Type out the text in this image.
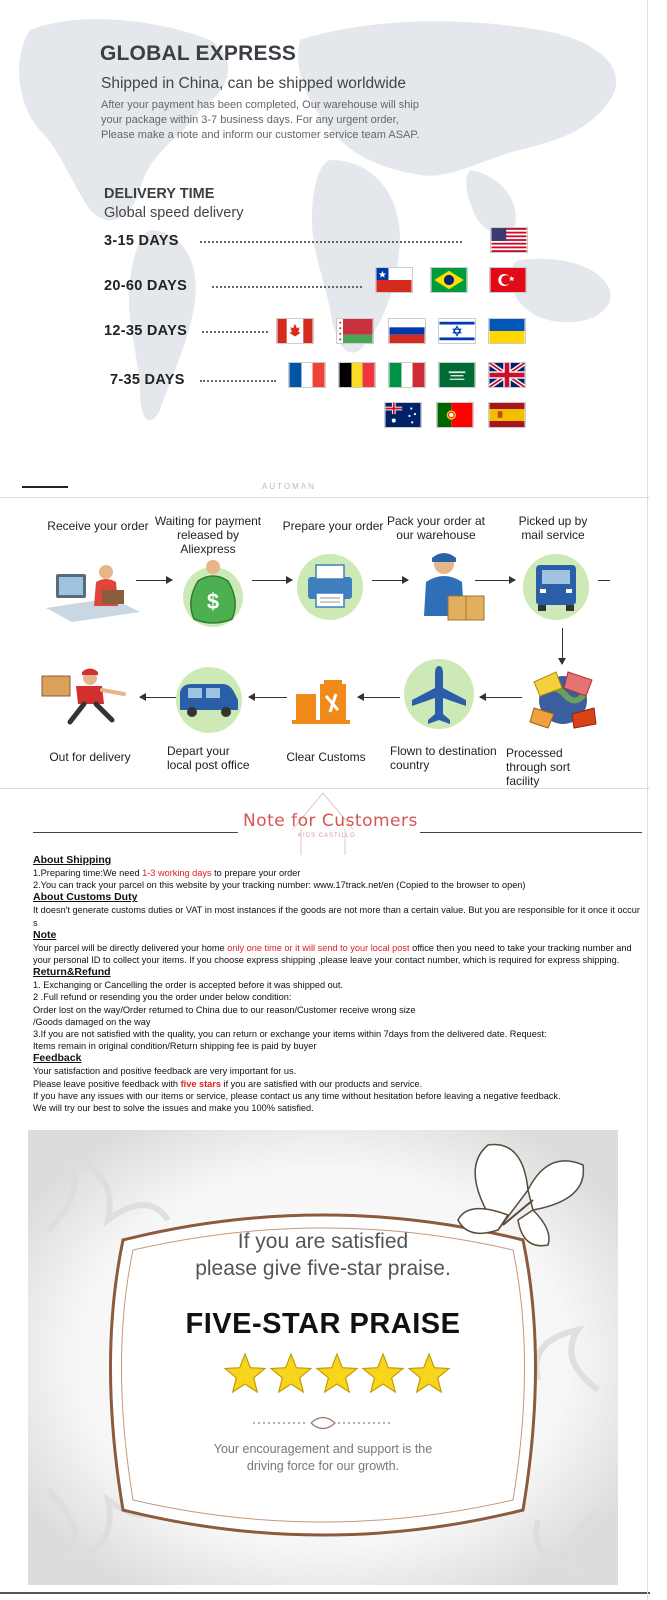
GLOBAL EXPRESS
Shipped in China, can be shipped worldwide
After your payment has been completed, Our warehouse will ship your package within 3-7 business days. For any urgent order, Please make a note and inform our customer service team ASAP.
DELIVERY TIME
Global speed delivery
3-15 DAYS
20-60 DAYS
12-35 DAYS
7-35 DAYS
AUTOMAN
Receive your order Waiting for payment released by Aliexpress
Prepare your order Pack your order at our warehouse
Picked up by mail service
$
Out for delivery	Depart your local post office
Clear Customs	Flown to destination country
Processed through sort facility
Note for Customers
KIDS CASTILLO
About Shipping
1.Preparing time:We need 1-3 working days to prepare your order
2.You can track your parcel on this website by your tracking number: www.17track.net/en (Copied to the browser to open)
About Customs Duty
It doesn't generate customs duties or VAT in most instances if the goods are not more than a certain value. But you are responsible for it once it occur s
Note
Your parcel will be directly delivered your home only one time or it will send to your local post office then you need to take your tracking number and your personal ID to collect your items. If you choose express shipping ,please leave your contact number, which is required for express shipping.
Return&Refund
1. Exchanging or Cancelling the order is accepted before it was shipped out.
2 .Full refund or resending you the order under below condition:
Order lost on the way/Order returned to China due to our reason/Customer receive wrong size
/Goods damaged on the way
3.If you are not satisfied with the quality, you can return or exchange your items within 7days from the delivered date. Request:
Items remain in original condition/Return shipping fee is paid by buyer
Feedback
Your satisfaction and positive feedback are very important for us.
Please leave positive feedback with five stars if you are satisfied with our products and service.
If you have any issues with our items or service, please contact us any time without hesitation before leaving a negative feedback.
We will try our best to solve the issues and make you 100% satisfied.
If you are satisfied
please give five-star praise.
FIVE-STAR PRAISE
Your encouragement and support is the
driving force for our growth.
